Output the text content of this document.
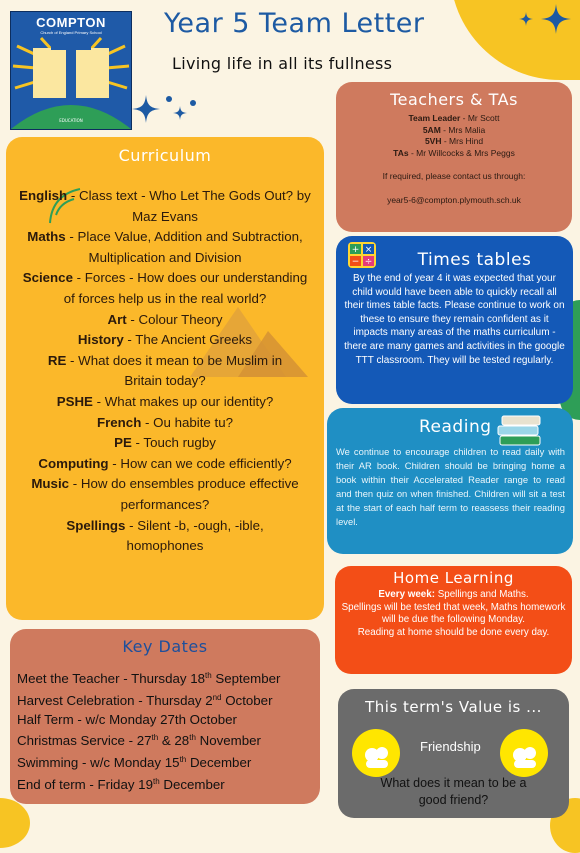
COMPTON
Church of England Primary School
EDUCATION
Year 5 Team Letter
Living life in all its fullness
Teachers & TAs
Team Leader - Mr Scott
5AM - Mrs Malia
5VH - Mrs Hind
TAs - Mr Willcocks & Mrs Peggs
If required, please contact us through:
year5-6@compton.plymouth.sch.uk
Curriculum
English - Class text - Who Let The Gods Out? by Maz Evans
Maths - Place Value, Addition and Subtraction, Multiplication and Division
Science - Forces - How does our understanding of forces help us in the real world?
Art - Colour Theory
History - The Ancient Greeks
RE - What does it mean to be Muslim in Britain today?
PSHE - What makes up our identity?
French - Ou habite tu?
PE - Touch rugby
Computing - How can we code efficiently?
Music - How do ensembles produce effective performances?
Spellings - Silent -b, -ough, -ible, homophones
Times tables
By the end of year 4 it was expected that your child would have been able to quickly recall all their times table facts. Please continue to work on these to ensure they remain confident as it impacts many areas of the maths curriculum - there are many games and activities in the google TTT classroom. They will be tested regularly.
+ ×
− ÷
Reading
We continue to encourage children to read daily with their AR book. Children should be bringing home a book within their Accelerated Reader range to read and then quiz on when finished. Children will sit a test at the start of each half term to reassess their reading level.
Home Learning
Every week: Spellings and Maths.
Spellings will be tested that week, Maths homework will be due the following Monday.
Reading at home should be done every day.
Key Dates
Meet the Teacher - Thursday 18th September
Harvest Celebration - Thursday 2nd October
Half Term - w/c Monday 27th October
Christmas Service - 27th & 28th November
Swimming - w/c Monday 15th December
End of term - Friday 19th December
This term's Value is ...
Friendship
What does it mean to be a good friend?
